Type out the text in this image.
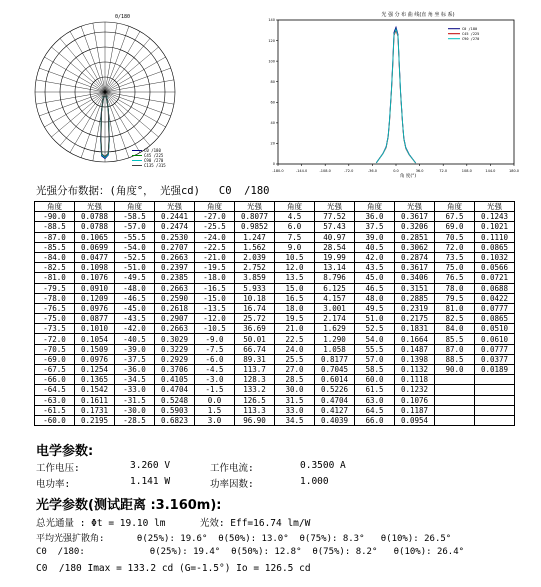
0/180
C0 /180
C45 /225
C90 /270
C135 /315
光 强 分 布 曲 线(直 角 坐 标 系)
-180.0	-144.0	-108.0	-72.0	-36.0	0.0	36.0	72.0	108.0	144.0	180.0
0
20
40
60
80
100
120
140
C0 /180
C45 /225
C90 /270
角 度(°)
光强分布数据：(角度°， 光强cd)   C0  /180
角度	光强	角度	光强	角度	光强	角度	光强	角度	光强	角度	光强
-90.0	0.0788	-58.5	0.2441	-27.0	0.8077	4.5	77.52	36.0	0.3617	67.5	0.1243
-88.5	0.0788	-57.0	0.2474	-25.5	0.9852	6.0	57.43	37.5	0.3206	69.0	0.1021
-87.0	0.1065	-55.5	0.2530	-24.0	1.247	7.5	40.97	39.0	0.2851	70.5	0.1110
-85.5	0.0699	-54.0	0.2707	-22.5	1.562	9.0	28.54	40.5	0.3062	72.0	0.0865
-84.0	0.0477	-52.5	0.2663	-21.0	2.039	10.5	19.99	42.0	0.2874	73.5	0.1032
-82.5	0.1098	-51.0	0.2397	-19.5	2.752	12.0	13.14	43.5	0.3617	75.0	0.0566
-81.0	0.1076	-49.5	0.2385	-18.0	3.859	13.5	8.796	45.0	0.3406	76.5	0.0721
-79.5	0.0910	-48.0	0.2663	-16.5	5.933	15.0	6.125	46.5	0.3151	78.0	0.0688
-78.0	0.1209	-46.5	0.2590	-15.0	10.18	16.5	4.157	48.0	0.2885	79.5	0.0422
-76.5	0.0976	-45.0	0.2618	-13.5	16.74	18.0	3.001	49.5	0.2319	81.0	0.0777
-75.0	0.0877	-43.5	0.2907	-12.0	25.72	19.5	2.174	51.0	0.2175	82.5	0.0865
-73.5	0.1010	-42.0	0.2663	-10.5	36.69	21.0	1.629	52.5	0.1831	84.0	0.0510
-72.0	0.1054	-40.5	0.3029	-9.0	50.01	22.5	1.290	54.0	0.1664	85.5	0.0610
-70.5	0.1509	-39.0	0.3229	-7.5	66.74	24.0	1.058	55.5	0.1487	87.0	0.0777
-69.0	0.0976	-37.5	0.2929	-6.0	89.31	25.5	0.8177	57.0	0.1398	88.5	0.0377
-67.5	0.1254	-36.0	0.3706	-4.5	113.7	27.0	0.7045	58.5	0.1132	90.0	0.0189
-66.0	0.1365	-34.5	0.4105	-3.0	128.3	28.5	0.6014	60.0	0.1118		
-64.5	0.1542	-33.0	0.4704	-1.5	133.2	30.0	0.5226	61.5	0.1232		
-63.0	0.1611	-31.5	0.5248	0.0	126.5	31.5	0.4704	63.0	0.1076		
-61.5	0.1731	-30.0	0.5903	1.5	113.3	33.0	0.4127	64.5	0.1187		
-60.0	0.2195	-28.5	0.6823	3.0	96.90	34.5	0.4039	66.0	0.0954		
电学参数:
工作电压:	3.260 V	工作电流:	0.3500 A
电功率:	1.141 W	功率因数:	1.000
光学参数(测试距离 :3.160m):
总光通量 : Φt = 19.10 lm      光效: Eff=16.74 lm/W
平均光强扩散角:      θ(25%): 19.6°  θ(50%): 13.0°  θ(75%): 8.3°   θ(10%): 26.5°
C0  /180:            θ(25%): 19.4°  θ(50%): 12.8°  θ(75%): 8.2°   θ(10%): 26.4°
C0  /180 Imax = 133.2 cd (G=-1.5°) Io = 126.5 cd
